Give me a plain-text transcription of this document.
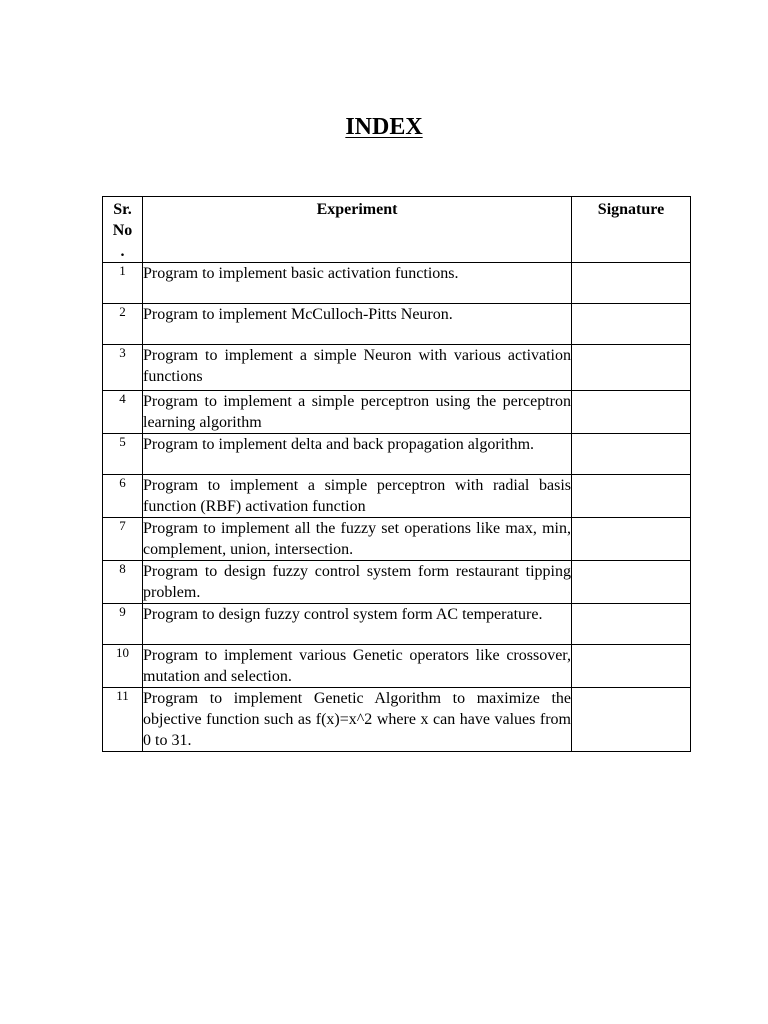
INDEX
Sr. No .	Experiment	Signature
1	Program to implement basic activation functions.	
2	Program to implement McCulloch-Pitts Neuron.	
3	Program to implement a simple Neuron with various activation functions	
4	Program to implement a simple perceptron using the perceptron learning algorithm	
5	Program to implement delta and back propagation algorithm.	
6	Program to implement a simple perceptron with radial basis function (RBF) activation function	
7	Program to implement all the fuzzy set operations like max, min, complement, union, intersection.	
8	Program to design fuzzy control system form restaurant tipping problem.	
9	Program to design fuzzy control system form AC temperature.	
10	Program to implement various Genetic operators like crossover, mutation and selection.	
11	Program to implement Genetic Algorithm to maximize the objective function such as f(x)=x^2 where x can have values from 0 to 31.	
